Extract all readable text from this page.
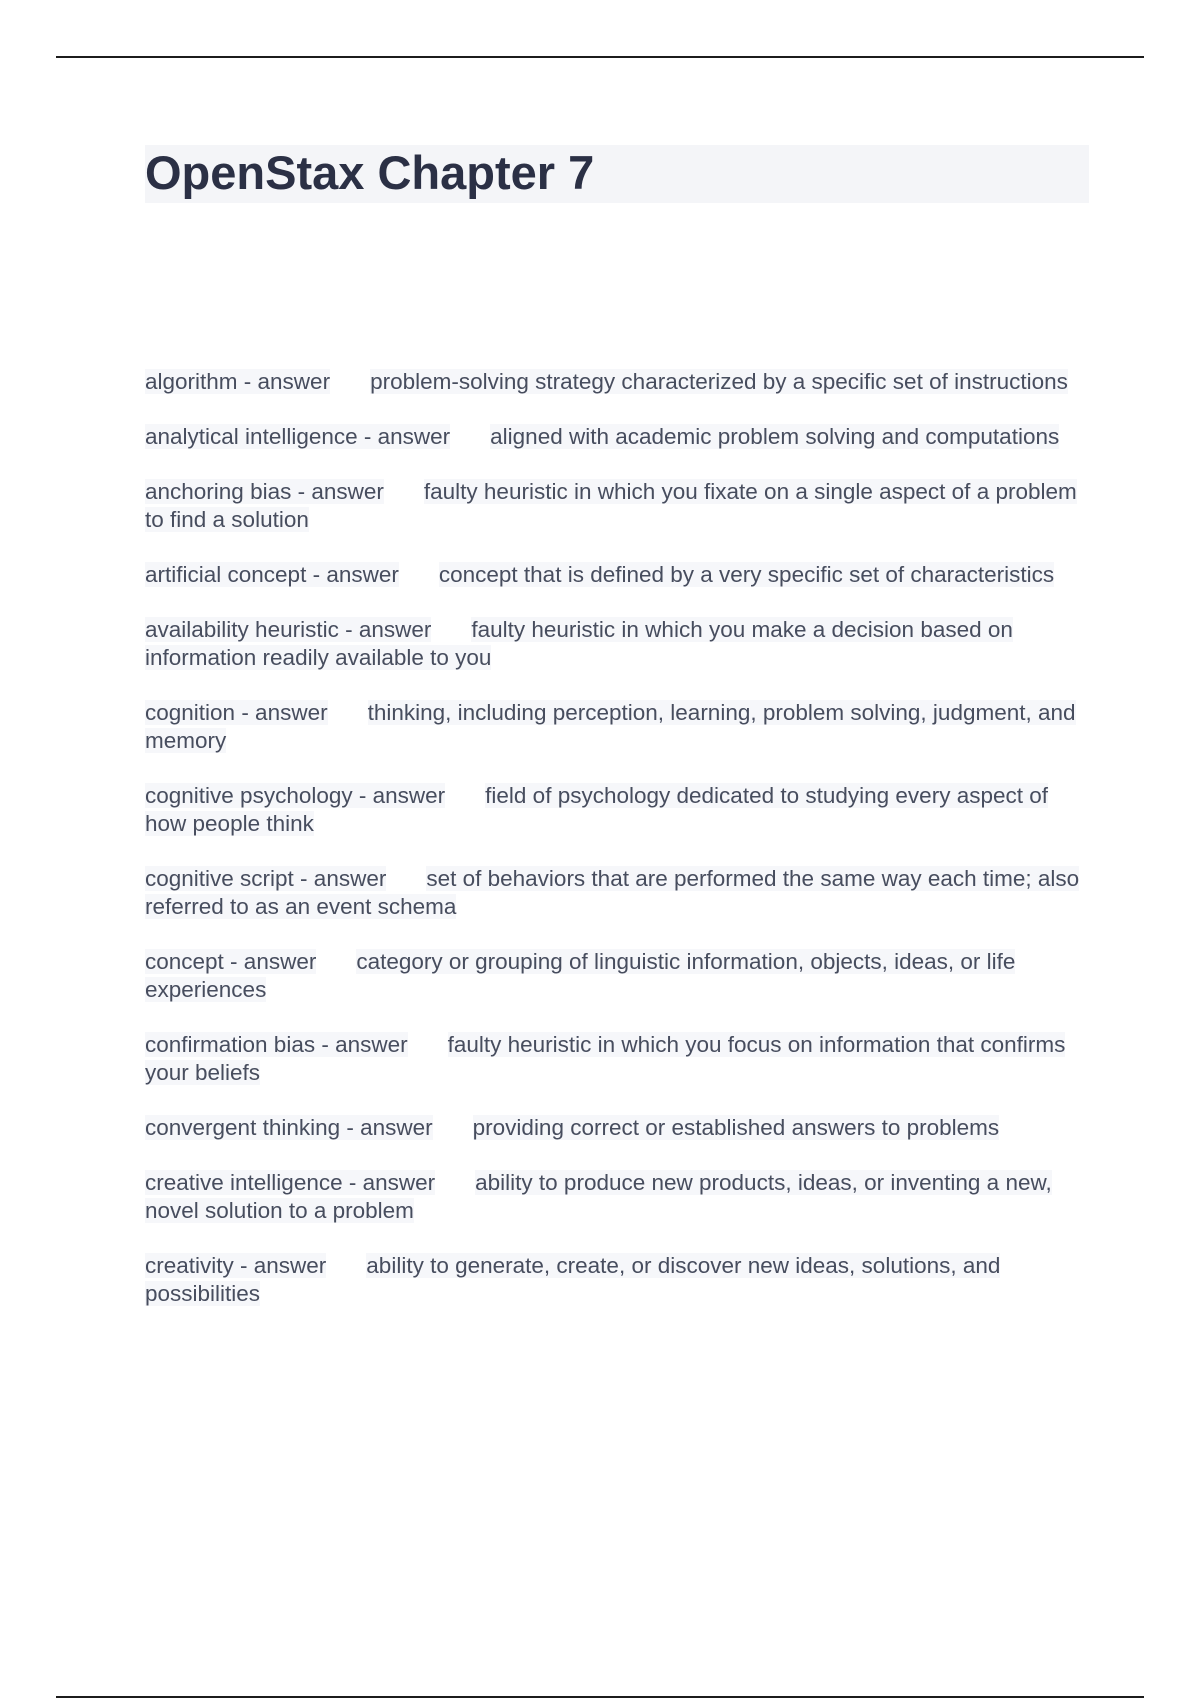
OpenStax Chapter 7
algorithm - answer problem-solving strategy characterized by a specific set of instructions
analytical intelligence - answer aligned with academic problem solving and computations
anchoring bias - answer faulty heuristic in which you fixate on a single aspect of a problem to find a solution
artificial concept - answer concept that is defined by a very specific set of characteristics
availability heuristic - answer faulty heuristic in which you make a decision based on information readily available to you
cognition - answer thinking, including perception, learning, problem solving, judgment, and memory
cognitive psychology - answer field of psychology dedicated to studying every aspect of how people think
cognitive script - answer set of behaviors that are performed the same way each time; also referred to as an event schema
concept - answer category or grouping of linguistic information, objects, ideas, or life experiences
confirmation bias - answer faulty heuristic in which you focus on information that confirms your beliefs
convergent thinking - answer providing correct or established answers to problems
creative intelligence - answer ability to produce new products, ideas, or inventing a new, novel solution to a problem
creativity - answer ability to generate, create, or discover new ideas, solutions, and possibilities
